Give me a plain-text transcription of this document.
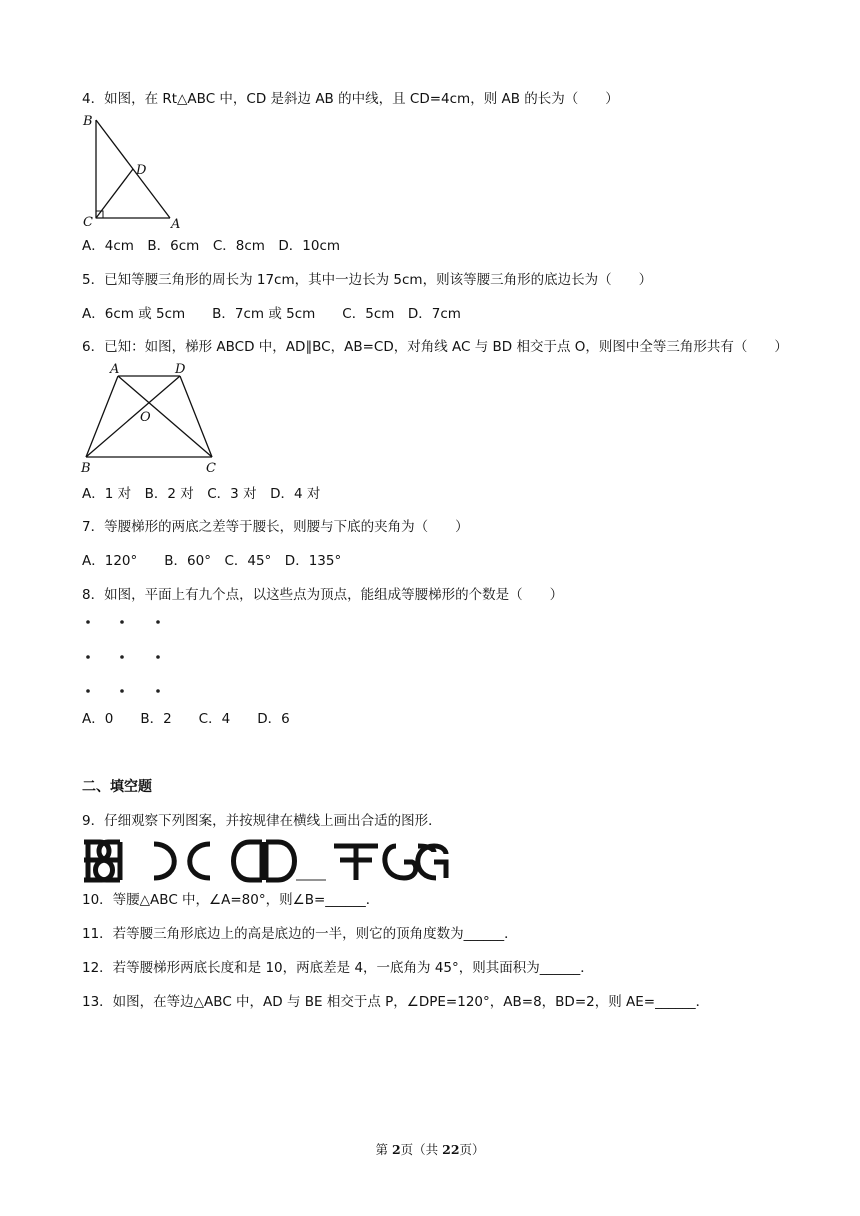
4．如图，在 Rt△ABC 中，CD 是斜边 AB 的中线，且 CD=4cm，则 AB 的长为（　　）
B
D
C	A
A．4cm　B．6cm　C．8cm　D．10cm
5．已知等腰三角形的周长为 17cm，其中一边长为 5cm，则该等腰三角形的底边长为（　　）
A．6cm 或 5cm　　B．7cm 或 5cm　　C．5cm　D．7cm
6．已知：如图，梯形 ABCD 中，AD∥BC，AB=CD，对角线 AC 与 BD 相交于点 O，则图中全等三角形共有（　　）
A	D
O
B	C
A．1 对　B．2 对　C．3 对　D．4 对
7．等腰梯形的两底之差等于腰长，则腰与下底的夹角为（　　）
A．120°　　B．60°　C．45°　D．135°
8．如图，平面上有九个点，以这些点为顶点，能组成等腰梯形的个数是（　　）
A．0　　B．2　　C．4　　D．6
二、填空题
9．仔细观察下列图案，并按规律在横线上画出合适的图形．
10．等腰△ABC 中，∠A=80°，则∠B=______．
11．若等腰三角形底边上的高是底边的一半，则它的顶角度数为______．
12．若等腰梯形两底长度和是 10，两底差是 4，一底角为 45°，则其面积为______．
13．如图，在等边△ABC 中，AD 与 BE 相交于点 P，∠DPE=120°，AB=8，BD=2，则 AE=______．
第 2页（共 22页）
